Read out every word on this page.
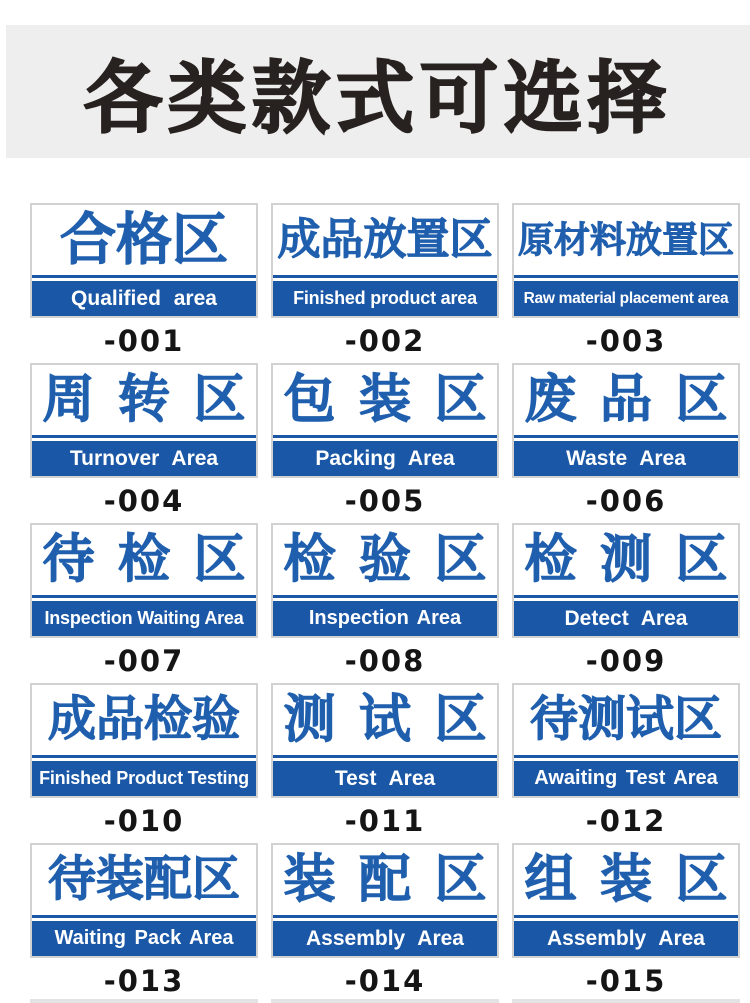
各类款式可选择
合格区
Qualified area
-001
成品放置区
Finished product area
-002
原材料放置区
Raw material placement area
-003
周 转 区
Turnover Area
-004
包 装 区
Packing Area
-005
废 品 区
Waste Area
-006
待 检 区
Inspection Waiting Area
-007
检 验 区
Inspection Area
-008
检 测 区
Detect Area
-009
成品检验
Finished Product Testing
-010
测 试 区
Test Area
-011
待测试区
Awaiting Test Area
-012
待装配区
Waiting Pack Area
-013
装 配 区
Assembly Area
-014
组 装 区
Assembly Area
-015
